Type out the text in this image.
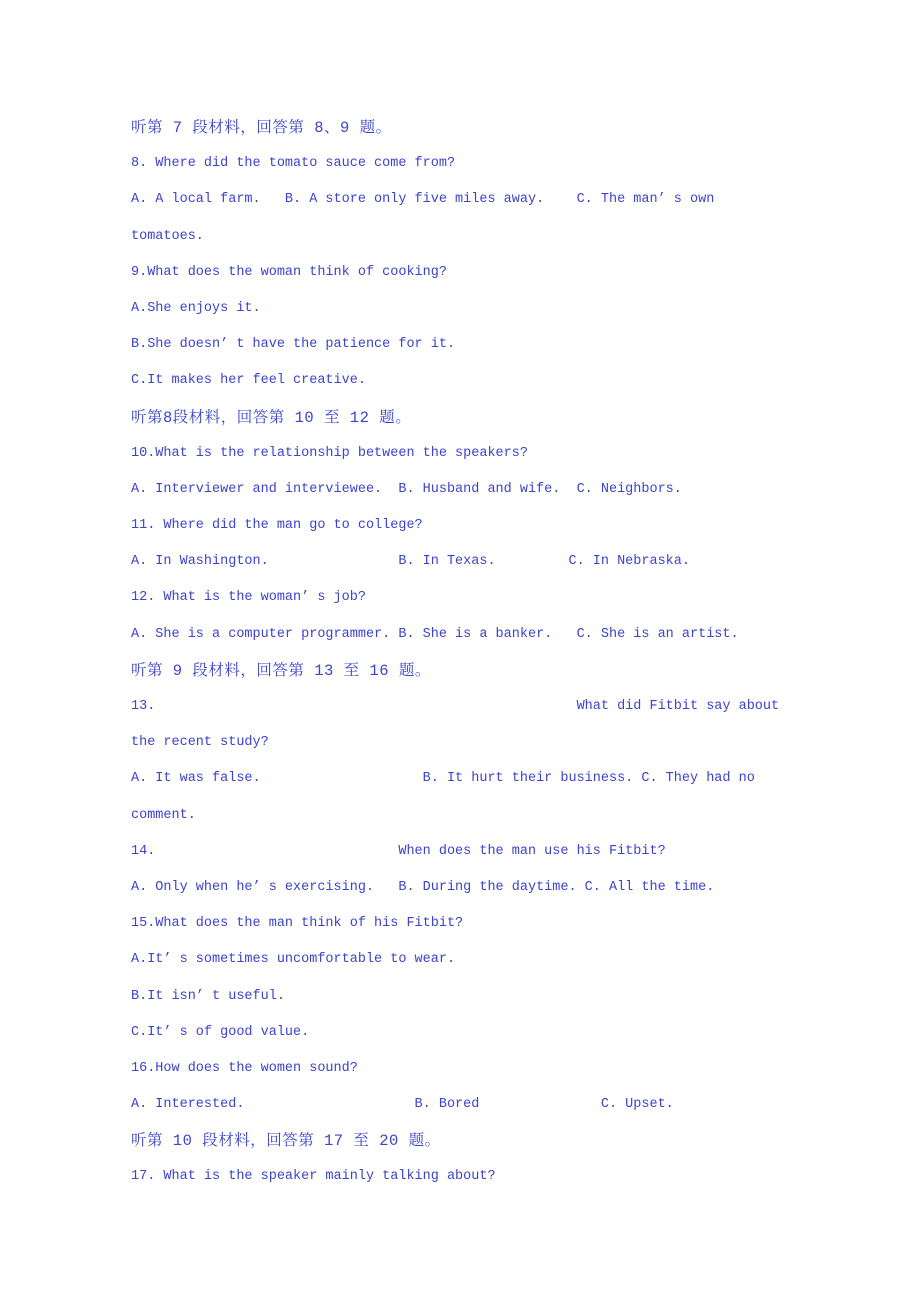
听第 7 段材料，回答第 8、9 题。
8. Where did the tomato sauce come from?
A. A local farm.   B. A store only five miles away.    C. The man’ s own
tomatoes.
9.What does the woman think of cooking?
A.She enjoys it.
B.She doesn’ t have the patience for it.
C.It makes her feel creative.
听第8段材料，回答第 10 至 12 题。
10.What is the relationship between the speakers?
A. Interviewer and interviewee.  B. Husband and wife.  C. Neighbors.
11. Where did the man go to college?
A. In Washington.                B. In Texas.         C. In Nebraska.
12. What is the woman’ s job?
A. She is a computer programmer. B. She is a banker.   C. She is an artist.
听第 9 段材料，回答第 13 至 16 题。
13.                                                    What did Fitbit say about
the recent study?
A. It was false.                    B. It hurt their business. C. They had no
comment.
14.                              When does the man use his Fitbit?
A. Only when he’ s exercising.   B. During the daytime. C. All the time.
15.What does the man think of his Fitbit?
A.It’ s sometimes uncomfortable to wear.
B.It isn’ t useful.
C.It’ s of good value.
16.How does the women sound?
A. Interested.                     B. Bored               C. Upset.
听第 10 段材料，回答第 17 至 20 题。
17. What is the speaker mainly talking about?
